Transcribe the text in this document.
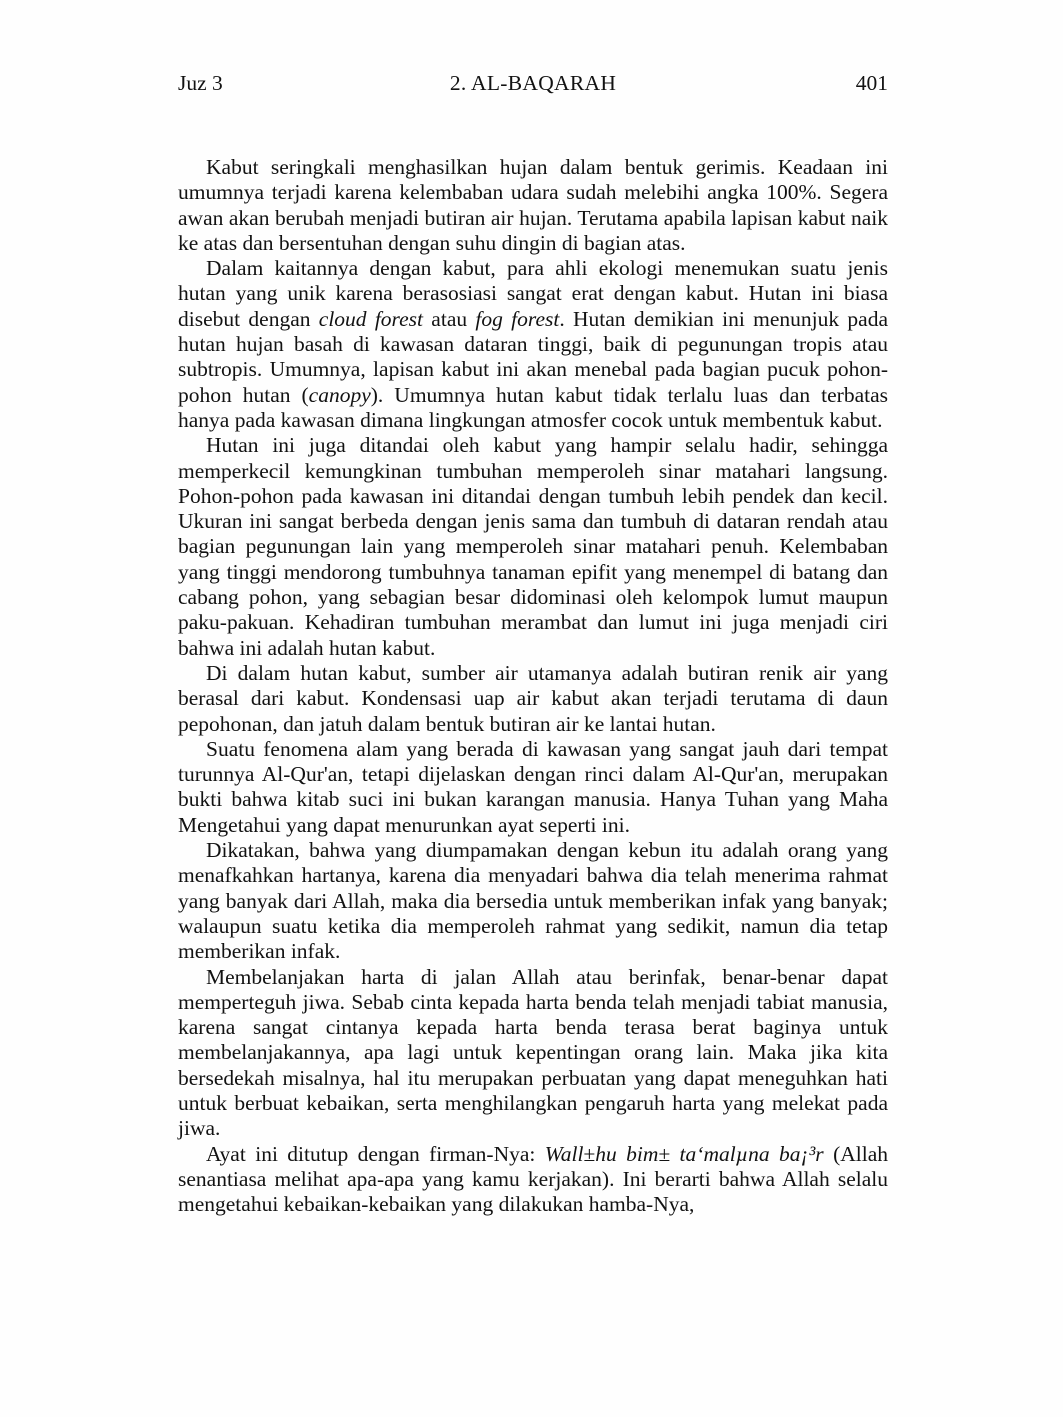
Juz 3	2. AL-BAQARAH	401

Kabut seringkali menghasilkan hujan dalam bentuk gerimis. Keadaan ini umumnya terjadi karena kelembaban udara sudah melebihi angka 100%. Segera awan akan berubah menjadi butiran air hujan. Terutama apabila lapisan kabut naik ke atas dan bersentuhan dengan suhu dingin di bagian atas.

Dalam kaitannya dengan kabut, para ahli ekologi menemukan suatu jenis hutan yang unik karena berasosiasi sangat erat dengan kabut. Hutan ini biasa disebut dengan cloud forest atau fog forest. Hutan demikian ini menunjuk pada hutan hujan basah di kawasan dataran tinggi, baik di pegunungan tropis atau subtropis. Umumnya, lapisan kabut ini akan menebal pada bagian pucuk pohon-pohon hutan (canopy). Umumnya hutan kabut tidak terlalu luas dan terbatas hanya pada kawasan dimana lingkungan atmosfer cocok untuk membentuk kabut.

Hutan ini juga ditandai oleh kabut yang hampir selalu hadir, sehingga memperkecil kemungkinan tumbuhan memperoleh sinar matahari langsung. Pohon-pohon pada kawasan ini ditandai dengan tumbuh lebih pendek dan kecil. Ukuran ini sangat berbeda dengan jenis sama dan tumbuh di dataran rendah atau bagian pegunungan lain yang memperoleh sinar matahari penuh. Kelembaban yang tinggi mendorong tumbuhnya tanaman epifit yang menempel di batang dan cabang pohon, yang sebagian besar didominasi oleh kelompok lumut maupun paku-pakuan. Kehadiran tumbuhan merambat dan lumut ini juga menjadi ciri bahwa ini adalah hutan kabut.

Di dalam hutan kabut, sumber air utamanya adalah butiran renik air yang berasal dari kabut. Kondensasi uap air kabut akan terjadi terutama di daun pepohonan, dan jatuh dalam bentuk butiran air ke lantai hutan.

Suatu fenomena alam yang berada di kawasan yang sangat jauh dari tempat turunnya Al-Qur'an, tetapi dijelaskan dengan rinci dalam Al-Qur'an, merupakan bukti bahwa kitab suci ini bukan karangan manusia. Hanya Tuhan yang Maha Mengetahui yang dapat menurunkan ayat seperti ini.

Dikatakan, bahwa yang diumpamakan dengan kebun itu adalah orang yang menafkahkan hartanya, karena dia menyadari bahwa dia telah menerima rahmat yang banyak dari Allah, maka dia bersedia untuk memberikan infak yang banyak; walaupun suatu ketika dia memperoleh rahmat yang sedikit, namun dia tetap memberikan infak.

Membelanjakan harta di jalan Allah atau berinfak, benar-benar dapat memperteguh jiwa. Sebab cinta kepada harta benda telah menjadi tabiat manusia, karena sangat cintanya kepada harta benda terasa berat baginya untuk membelanjakannya, apa lagi untuk kepentingan orang lain. Maka jika kita bersedekah misalnya, hal itu merupakan perbuatan yang dapat meneguhkan hati untuk berbuat kebaikan, serta menghilangkan pengaruh harta yang melekat pada jiwa.

Ayat ini ditutup dengan firman-Nya: Wall±hu bim± ta‘malµna ba¡³r (Allah senantiasa melihat apa-apa yang kamu kerjakan). Ini berarti bahwa Allah selalu mengetahui kebaikan-kebaikan yang dilakukan hamba-Nya,
